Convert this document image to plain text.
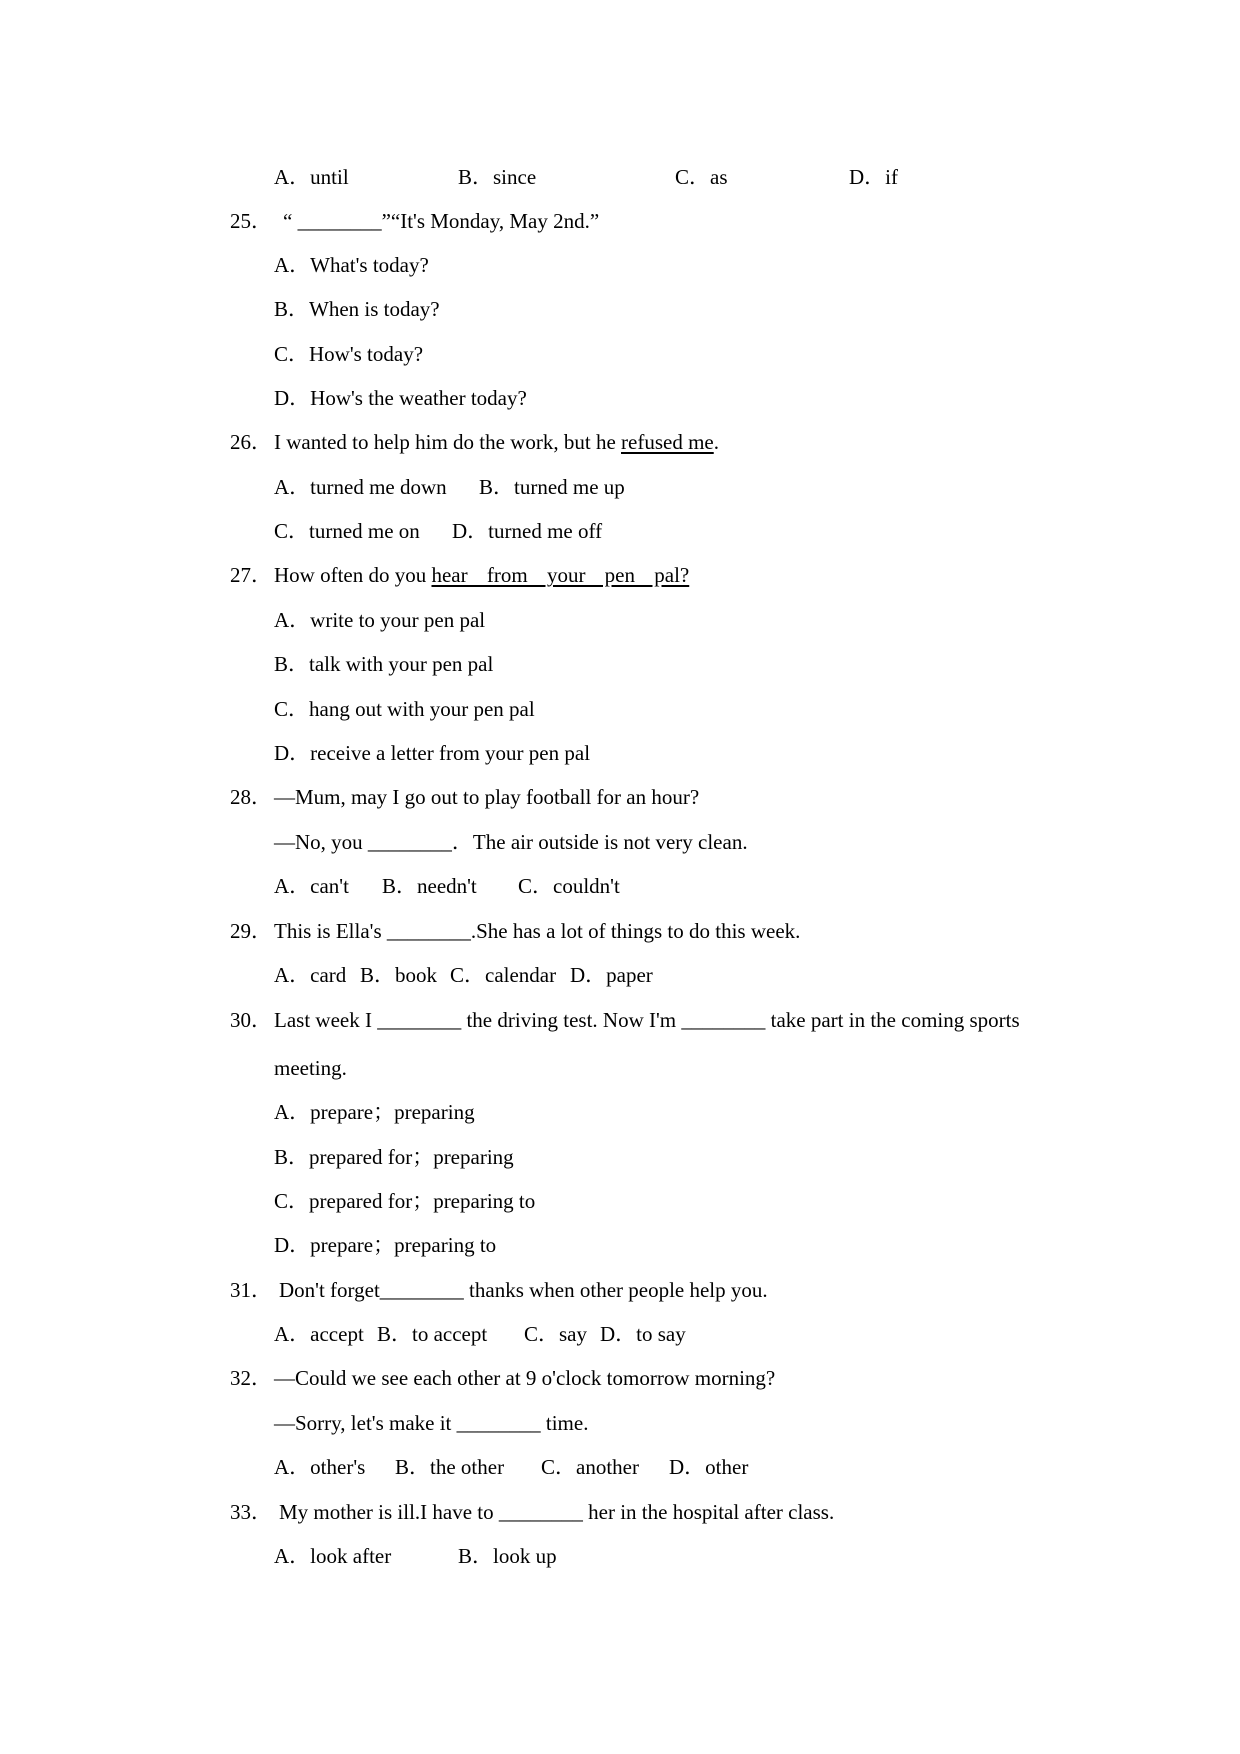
A．until	B．since	C．as	D．if
25． “ ________”“It's Monday, May 2nd.”
A．What's today?
B．When is today?
C．How's today?
D．How's the weather today?
26． I wanted to help him do the work, but he refused me.
A．turned me down B．turned me up
C．turned me on D．turned me off
27． How often do you hear from your pen pal?
A．write to your pen pal
B．talk with your pen pal
C．hang out with your pen pal
D．receive a letter from your pen pal
28． —Mum, may I go out to play football for an hour?
—No, you ________．The air outside is not very clean.
A．can't B．needn't C．couldn't
29． This is Ella's ________.She has a lot of things to do this week.
A．card B．book C．calendar D．paper
30． Last week I ________ the driving test. Now I'm ________ take part in the coming sports
meeting.
A．prepare；preparing
B．prepared for；preparing
C．prepared for；preparing to
D．prepare；preparing to
31． Don't forget________ thanks when other people help you.
A．accept B．to accept C．say D．to say
32． —Could we see each other at 9 o'clock tomorrow morning?
—Sorry, let's make it ________ time.
A．other's B．the other C．another D．other
33． My mother is ill.I have to ________ her in the hospital after class.
A．look after	B．look up
